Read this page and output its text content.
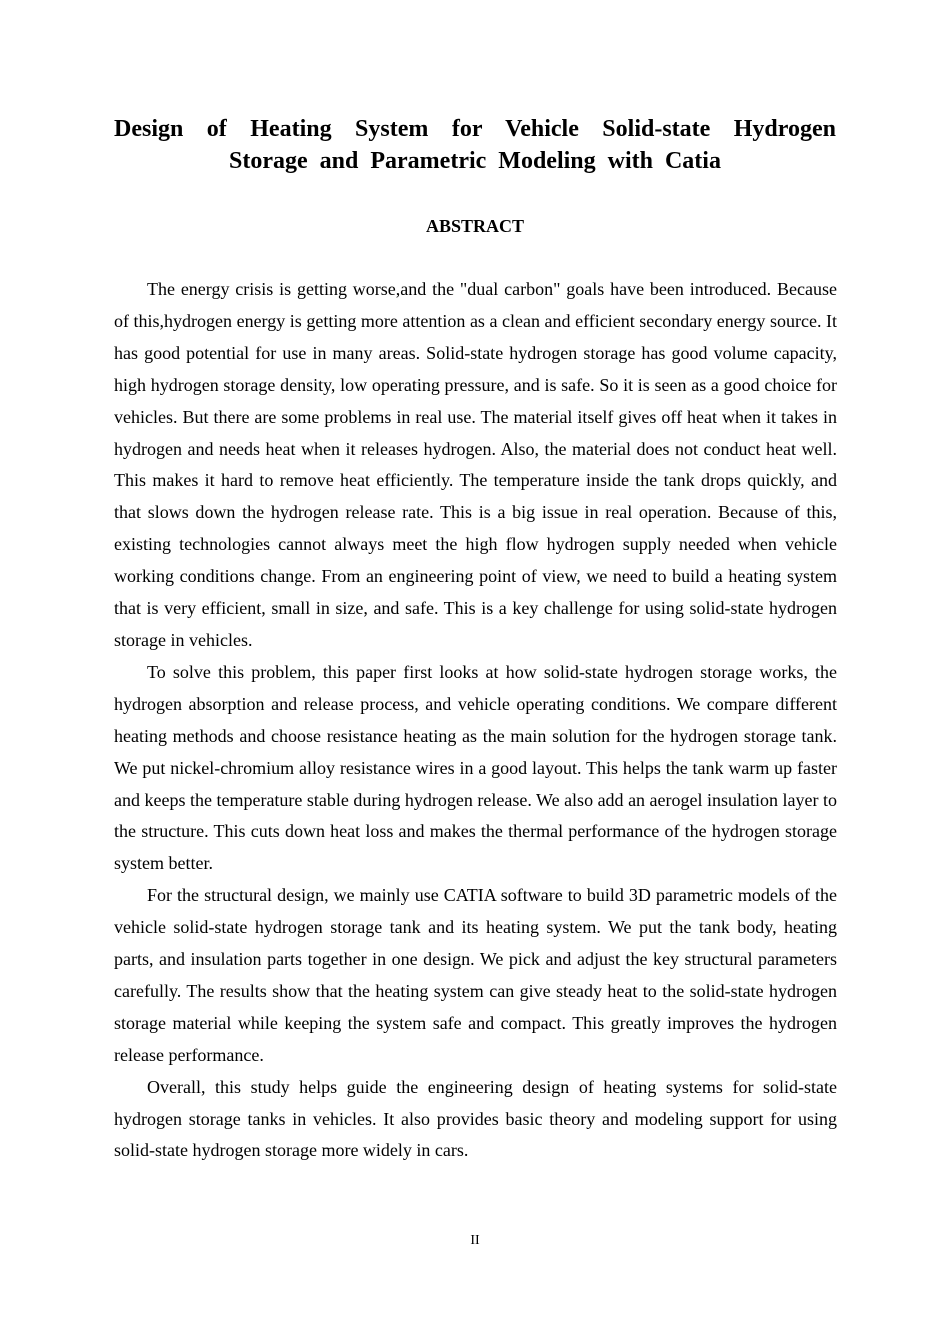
Design of Heating System for Vehicle Solid-state Hydrogen Storage and Parametric Modeling with Catia
ABSTRACT

The energy crisis is getting worse,and the "dual carbon" goals have been introduced. Because of this,hydrogen energy is getting more attention as a clean and efficient secondary energy source. It has good potential for use in many areas. Solid-state hydrogen storage has good volume capacity, high hydrogen storage density, low operating pressure, and is safe. So it is seen as a good choice for vehicles. But there are some problems in real use. The material itself gives off heat when it takes in hydrogen and needs heat when it releases hydrogen. Also, the material does not conduct heat well. This makes it hard to remove heat efficiently. The temperature inside the tank drops quickly, and that slows down the hydrogen release rate. This is a big issue in real operation. Because of this, existing technologies cannot always meet the high flow hydrogen supply needed when vehicle working conditions change. From an engineering point of view, we need to build a heating system that is very efficient, small in size, and safe. This is a key challenge for using solid-state hydrogen storage in vehicles.

To solve this problem, this paper first looks at how solid-state hydrogen storage works, the hydrogen absorption and release process, and vehicle operating conditions. We compare different heating methods and choose resistance heating as the main solution for the hydrogen storage tank. We put nickel-chromium alloy resistance wires in a good layout. This helps the tank warm up faster and keeps the temperature stable during hydrogen release. We also add an aerogel insulation layer to the structure. This cuts down heat loss and makes the thermal performance of the hydrogen storage system better.

For the structural design, we mainly use CATIA software to build 3D parametric models of the vehicle solid-state hydrogen storage tank and its heating system. We put the tank body, heating parts, and insulation parts together in one design. We pick and adjust the key structural parameters carefully. The results show that the heating system can give steady heat to the solid-state hydrogen storage material while keeping the system safe and compact. This greatly improves the hydrogen release performance.

Overall, this study helps guide the engineering design of heating systems for solid-state hydrogen storage tanks in vehicles. It also provides basic theory and modeling support for using solid-state hydrogen storage more widely in cars.

II
